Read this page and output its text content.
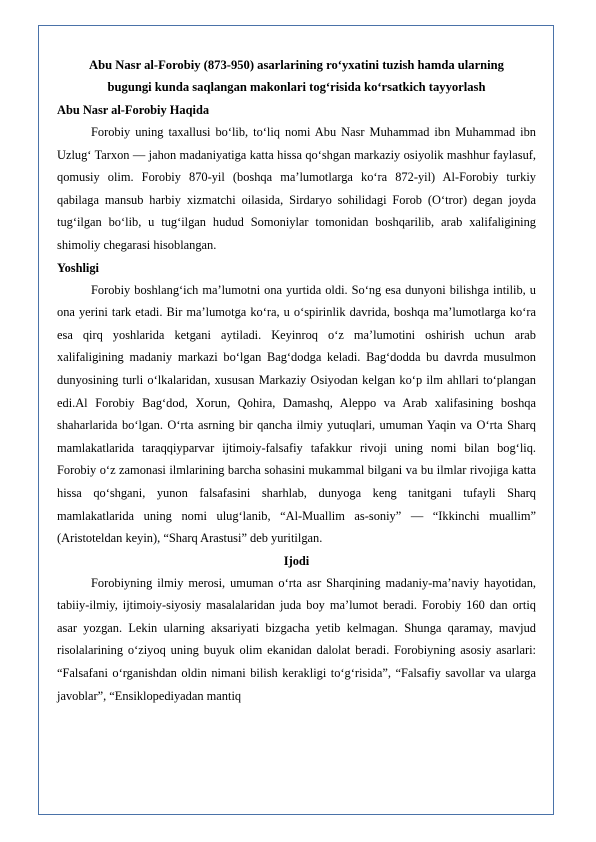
Abu Nasr al-Forobiy (873-950) asarlarining ro‘yxatini tuzish hamda ularning
bugungi kunda saqlangan makonlari tog‘risida ko‘rsatkich tayyorlash
Abu Nasr al-Forobiy Haqida

Forobiy uning taxallusi bo‘lib, to‘liq nomi Abu Nasr Muhammad ibn Muhammad ibn Uzlug‘ Tarxon — jahon madaniyatiga katta hissa qo‘shgan markaziy osiyolik mashhur faylasuf, qomusiy olim. Forobiy 870-yil (boshqa ma’lumotlarga ko‘ra 872-yil) Al-Forobiy turkiy qabilaga mansub harbiy xizmatchi oilasida, Sirdaryo sohilidagi Forob (O‘tror) degan joyda tug‘ilgan bo‘lib, u tug‘ilgan hudud Somoniylar tomonidan boshqarilib, arab xalifaligining shimoliy chegarasi hisoblangan.

Yoshligi

Forobiy boshlang‘ich ma’lumotni ona yurtida oldi. So‘ng esa dunyoni bilishga intilib, u ona yerini tark etadi. Bir ma’lumotga ko‘ra, u o‘spirinlik davrida, boshqa ma’lumotlarga ko‘ra esa qirq yoshlarida ketgani aytiladi. Keyinroq o‘z ma’lumotini oshirish uchun arab xalifaligining madaniy markazi bo‘lgan Bag‘dodga keladi. Bag‘dodda bu davrda musulmon dunyosining turli o‘lkalaridan, xususan Markaziy Osiyodan kelgan ko‘p ilm ahllari to‘plangan edi.Al Forobiy Bag‘dod, Xorun, Qohira, Damashq, Aleppo va Arab xalifasining boshqa shaharlarida bo‘lgan. O‘rta asrning bir qancha ilmiy yutuqlari, umuman Yaqin va O‘rta Sharq mamlakatlarida taraqqiyparvar ijtimoiy-falsafiy tafakkur rivoji uning nomi bilan bog‘liq. Forobiy o‘z zamonasi ilmlarining barcha sohasini mukammal bilgani va bu ilmlar rivojiga katta hissa qo‘shgani, yunon falsafasini sharhlab, dunyoga keng tanitgani tufayli Sharq mamlakatlarida uning nomi ulug‘lanib, “Al-Muallim as-soniy” — “Ikkinchi muallim” (Aristoteldan keyin), “Sharq Arastusi” deb yuritilgan.

Ijodi

Forobiyning ilmiy merosi, umuman o‘rta asr Sharqining madaniy-ma’naviy hayotidan, tabiiy-ilmiy, ijtimoiy-siyosiy masalalaridan juda boy ma’lumot beradi. Forobiy 160 dan ortiq asar yozgan. Lekin ularning aksariyati bizgacha yetib kelmagan. Shunga qaramay, mavjud risolalarining o‘ziyoq uning buyuk olim ekanidan dalolat beradi. Forobiyning asosiy asarlari: “Falsafani o‘rganishdan oldin nimani bilish kerakligi to‘g‘risida”, “Falsafiy savollar va ularga javoblar”, “Ensiklopediyadan mantiq
